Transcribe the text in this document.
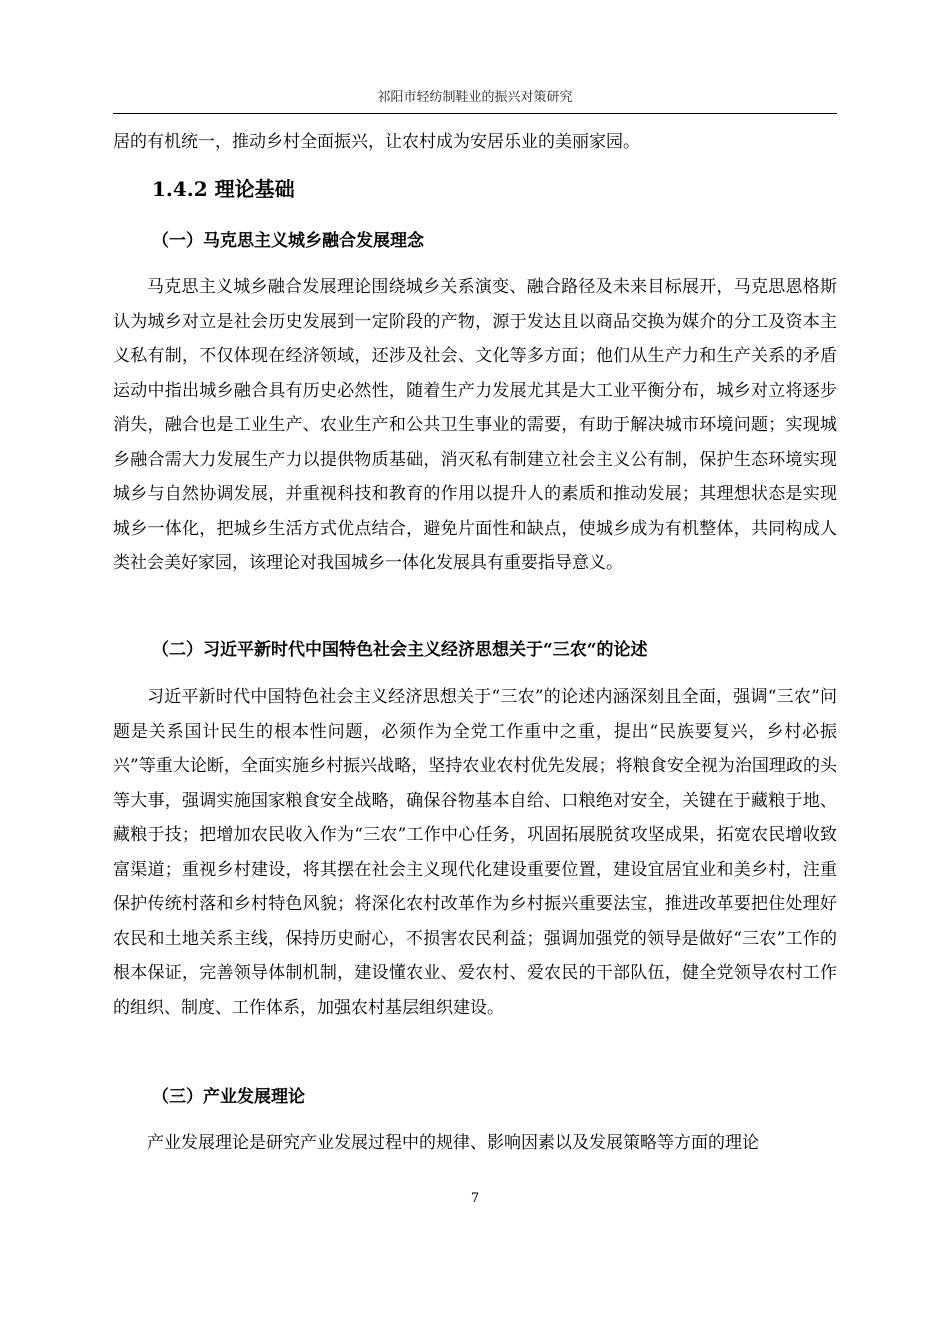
祁阳市轻纺制鞋业的振兴对策研究

居的有机统一，推动乡村全面振兴，让农村成为安居乐业的美丽家园。

1.4.2 理论基础
（一）马克思主义城乡融合发展理念

马克思主义城乡融合发展理论围绕城乡关系演变、融合路径及未来目标展开，马克思恩格斯认为城乡对立是社会历史发展到一定阶段的产物，源于发达且以商品交换为媒介的分工及资本主义私有制，不仅体现在经济领域，还涉及社会、文化等多方面；他们从生产力和生产关系的矛盾运动中指出城乡融合具有历史必然性，随着生产力发展尤其是大工业平衡分布，城乡对立将逐步消失，融合也是工业生产、农业生产和公共卫生事业的需要，有助于解决城市环境问题；实现城乡融合需大力发展生产力以提供物质基础，消灭私有制建立社会主义公有制，保护生态环境实现城乡与自然协调发展，并重视科技和教育的作用以提升人的素质和推动发展；其理想状态是实现城乡一体化，把城乡生活方式优点结合，避免片面性和缺点，使城乡成为有机整体，共同构成人类社会美好家园，该理论对我国城乡一体化发展具有重要指导意义。

（二）习近平新时代中国特色社会主义经济思想关于“三农“的论述

习近平新时代中国特色社会主义经济思想关于“三农”的论述内涵深刻且全面，强调“三农”问题是关系国计民生的根本性问题，必须作为全党工作重中之重，提出“民族要复兴，乡村必振兴”等重大论断，全面实施乡村振兴战略，坚持农业农村优先发展；将粮食安全视为治国理政的头等大事，强调实施国家粮食安全战略，确保谷物基本自给、口粮绝对安全，关键在于藏粮于地、藏粮于技；把增加农民收入作为“三农”工作中心任务，巩固拓展脱贫攻坚成果，拓宽农民增收致富渠道；重视乡村建设，将其摆在社会主义现代化建设重要位置，建设宜居宜业和美乡村，注重保护传统村落和乡村特色风貌；将深化农村改革作为乡村振兴重要法宝，推进改革要把住处理好农民和土地关系主线，保持历史耐心，不损害农民利益；强调加强党的领导是做好“三农”工作的根本保证，完善领导体制机制，建设懂农业、爱农村、爱农民的干部队伍，健全党领导农村工作的组织、制度、工作体系，加强农村基层组织建设。

（三）产业发展理论

产业发展理论是研究产业发展过程中的规律、影响因素以及发展策略等方面的理论

7
